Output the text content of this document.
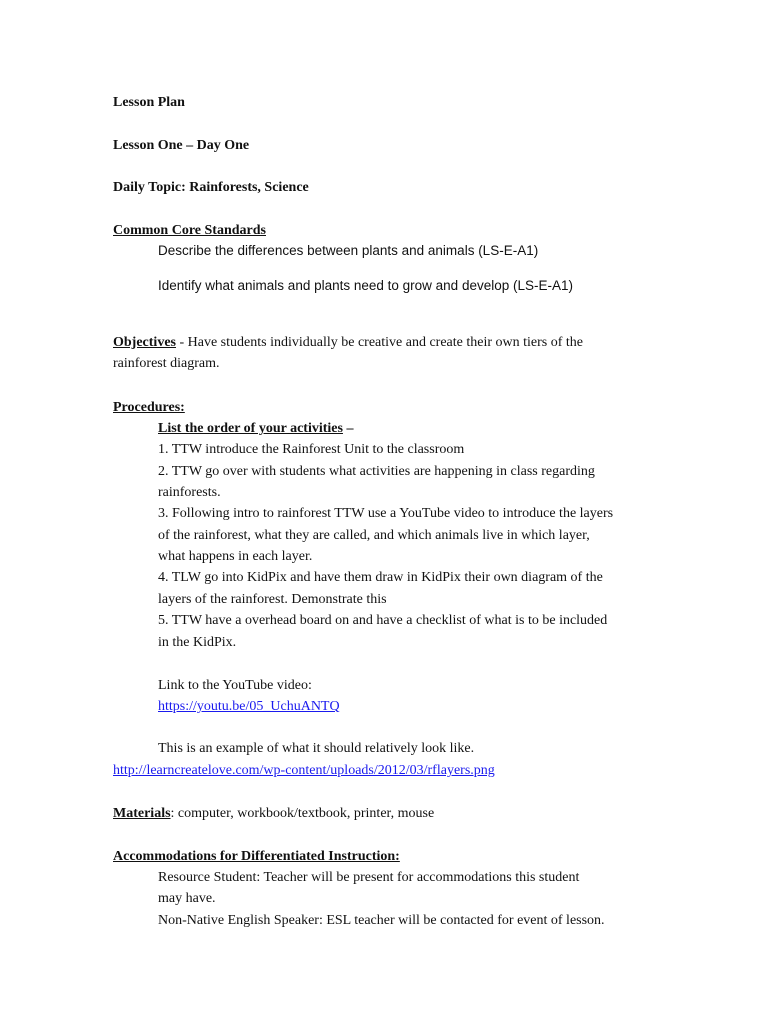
Lesson Plan
Lesson One – Day One
Daily Topic: Rainforests, Science
Common Core Standards
Describe the differences between plants and animals (LS-E-A1)
Identify what animals and plants need to grow and develop (LS-E-A1)
Objectives - Have students individually be creative and create their own tiers of the
rainforest diagram.
Procedures:
List the order of your activities –
1. TTW introduce the Rainforest Unit to the classroom
2. TTW go over with students what activities are happening in class regarding
rainforests.
3. Following intro to rainforest TTW use a YouTube video to introduce the layers
of the rainforest, what they are called, and which animals live in which layer,
what happens in each layer.
4. TLW go into KidPix and have them draw in KidPix their own diagram of the
layers of the rainforest. Demonstrate this
5. TTW have a overhead board on and have a checklist of what is to be included
in the KidPix.
Link to the YouTube video:
https://youtu.be/05_UchuANTQ
This is an example of what it should relatively look like.
http://learncreatelove.com/wp-content/uploads/2012/03/rflayers.png
Materials: computer, workbook/textbook, printer, mouse
Accommodations for Differentiated Instruction:
Resource Student: Teacher will be present for accommodations this student
may have.
Non-Native English Speaker: ESL teacher will be contacted for event of lesson.
